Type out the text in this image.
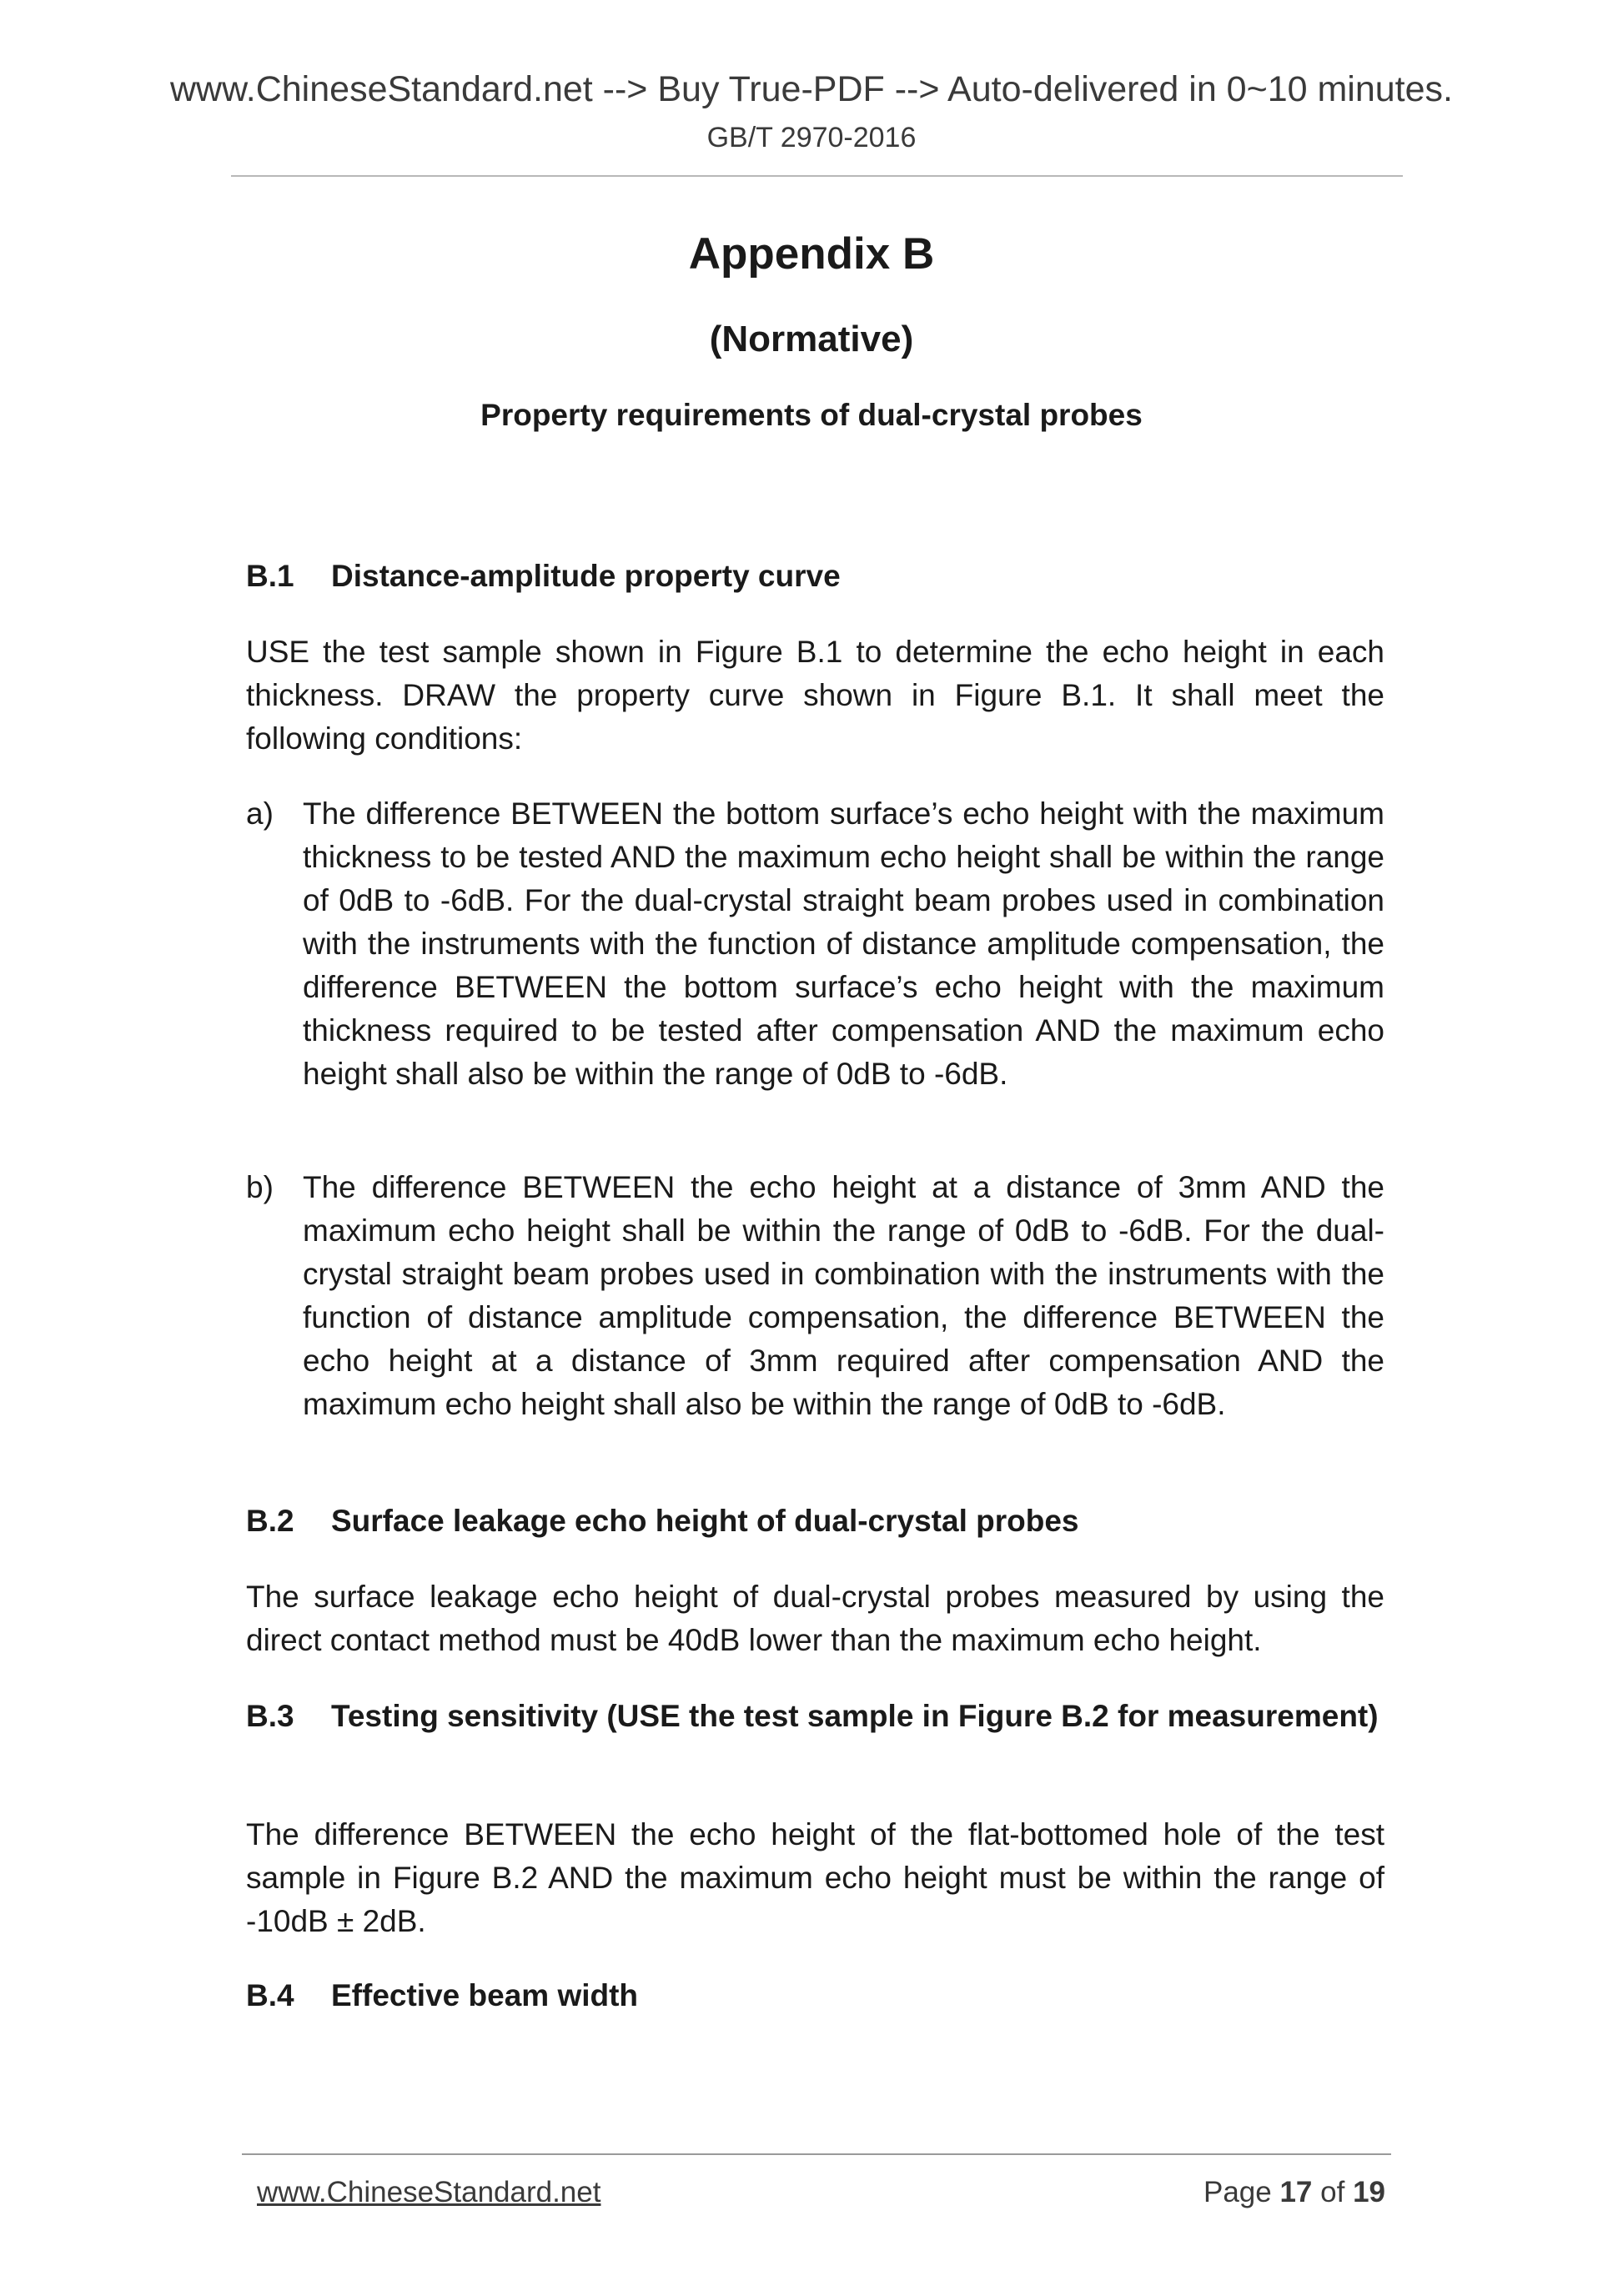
www.ChineseStandard.net --> Buy True-PDF --> Auto-delivered in 0~10 minutes.
GB/T 2970-2016
Appendix B
(Normative)
Property requirements of dual-crystal probes
B.1 Distance-amplitude property curve
USE the test sample shown in Figure B.1 to determine the echo height in each thickness. DRAW the property curve shown in Figure B.1. It shall meet the following conditions:
a) The difference BETWEEN the bottom surface’s echo height with the maximum thickness to be tested AND the maximum echo height shall be within the range of 0dB to -6dB. For the dual-crystal straight beam probes used in combination with the instruments with the function of distance amplitude compensation, the difference BETWEEN the bottom surface’s echo height with the maximum thickness required to be tested after compensation AND the maximum echo height shall also be within the range of 0dB to -6dB.
b) The difference BETWEEN the echo height at a distance of 3mm AND the maximum echo height shall be within the range of 0dB to -6dB. For the dual-crystal straight beam probes used in combination with the instruments with the function of distance amplitude compensation, the difference BETWEEN the echo height at a distance of 3mm required after compensation AND the maximum echo height shall also be within the range of 0dB to -6dB.
B.2 Surface leakage echo height of dual-crystal probes
The surface leakage echo height of dual-crystal probes measured by using the direct contact method must be 40dB lower than the maximum echo height.
B.3 Testing sensitivity (USE the test sample in Figure B.2 for measurement)
The difference BETWEEN the echo height of the flat-bottomed hole of the test sample in Figure B.2 AND the maximum echo height must be within the range of -10dB ± 2dB.
B.4 Effective beam width
www.ChineseStandard.net	Page 17 of 19
